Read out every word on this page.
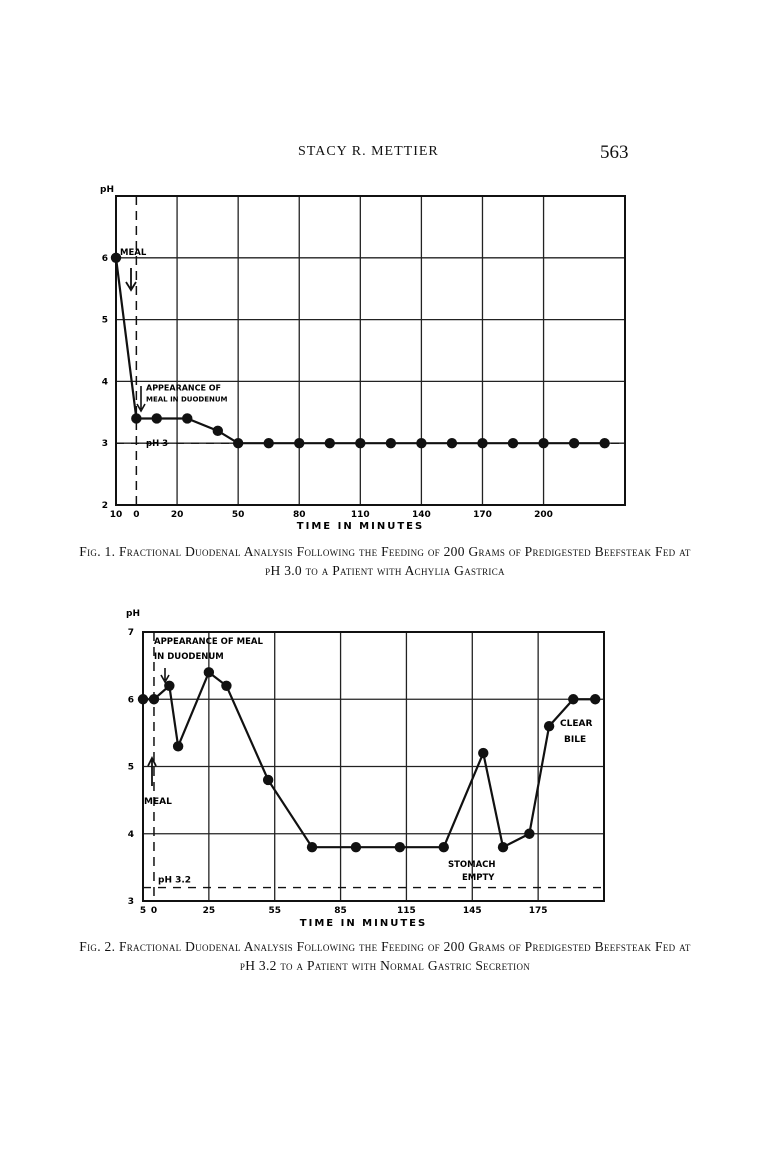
STACY R. METTIER	563
10 0	20	50	80	110	140	170	200
2
3
4
5
6
TIME IN MINUTES
pH
MEAL
APPEARANCE OF
MEAL IN DUODENUM
pH 3
Fig. 1. Fractional Duodenal Analysis Following the Feeding of 200 Grams of Predigested Beefsteak Fed at pH 3.0 to a Patient with Achylia Gastrica
5 0	25	55	85	115	145	175
3
4
5
6
7
TIME IN MINUTES
pH
APPEARANCE OF MEAL
IN DUODENUM
MEAL
STOMACH
EMPTY
CLEAR
BILE
pH 3.2
Fig. 2. Fractional Duodenal Analysis Following the Feeding of 200 Grams of Predigested Beefsteak Fed at pH 3.2 to a Patient with Normal Gastric Secretion
